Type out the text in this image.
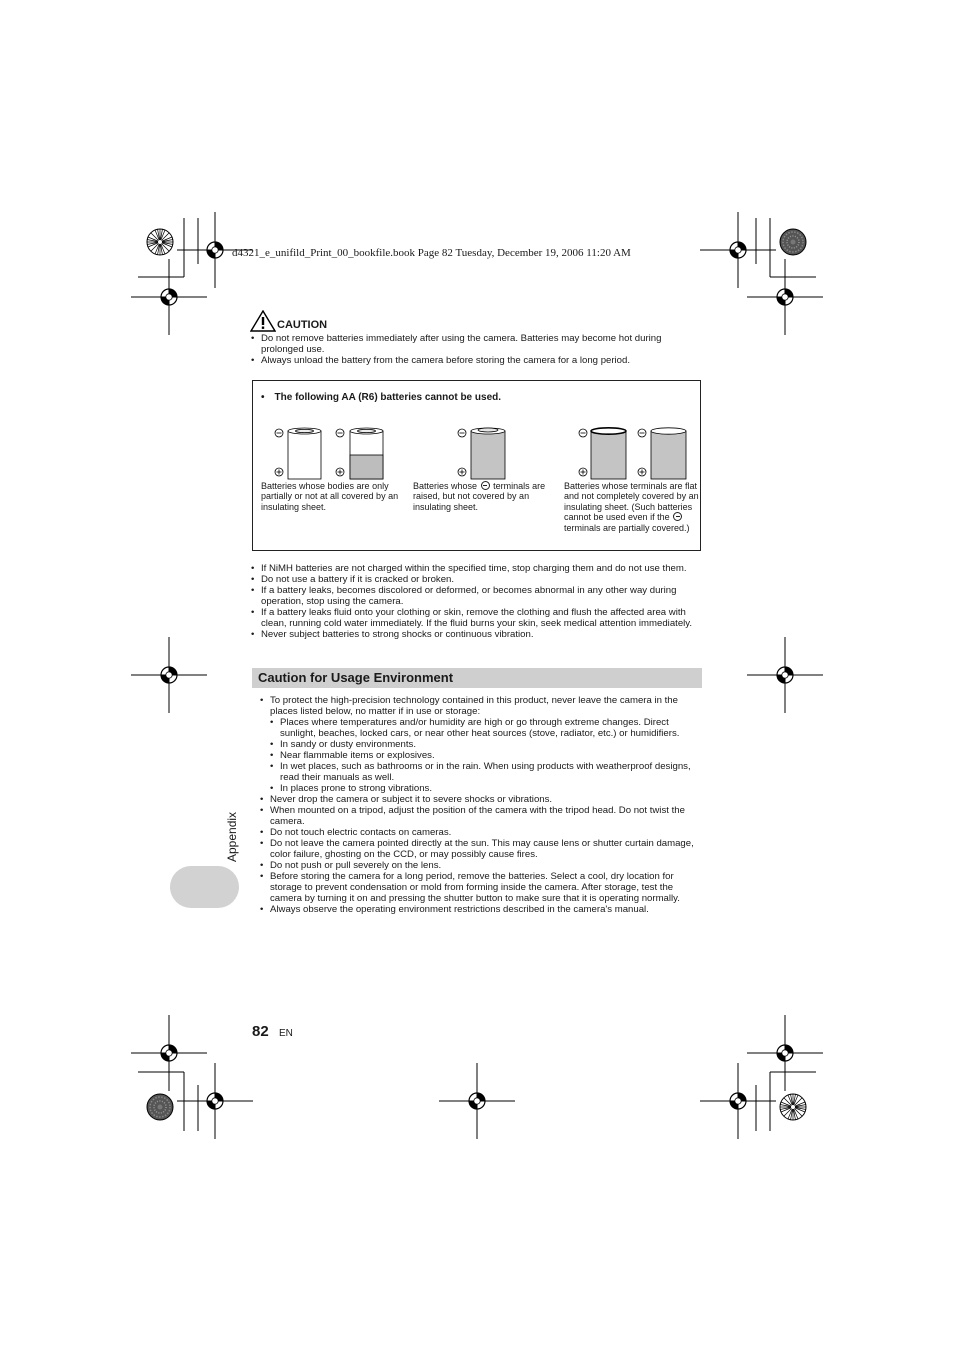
d4321_e_unifild_Print_00_bookfile.book Page 82 Tuesday, December 19, 2006 11:20 AM
CAUTION
• Do not remove batteries immediately after using the camera. Batteries may become hot during prolonged use.
• Always unload the battery from the camera before storing the camera for a long period.
• The following AA (R6) batteries cannot be used.
Batteries whose bodies are only partially or not at all covered by an insulating sheet.
Batteries whose terminals are raised, but not covered by an insulating sheet.
Batteries whose terminals are flat and not completely covered by an insulating sheet. (Such batteries cannot be used even if the  terminals are partially covered.)
• If NiMH batteries are not charged within the specified time, stop charging them and do not use them.
• Do not use a battery if it is cracked or broken.
• If a battery leaks, becomes discolored or deformed, or becomes abnormal in any other way during operation, stop using the camera.
• If a battery leaks fluid onto your clothing or skin, remove the clothing and flush the affected area with clean, running cold water immediately. If the fluid burns your skin, seek medical attention immediately.
• Never subject batteries to strong shocks or continuous vibration.
Caution for Usage Environment
• To protect the high-precision technology contained in this product, never leave the camera in the places listed below, no matter if in use or storage:
• Places where temperatures and/or humidity are high or go through extreme changes. Direct sunlight, beaches, locked cars, or near other heat sources (stove, radiator, etc.) or humidifiers.
• In sandy or dusty environments.
• Near flammable items or explosives.
• In wet places, such as bathrooms or in the rain. When using products with weatherproof designs, read their manuals as well.
• In places prone to strong vibrations.
• Never drop the camera or subject it to severe shocks or vibrations.
• When mounted on a tripod, adjust the position of the camera with the tripod head. Do not twist the camera.
• Do not touch electric contacts on cameras.
• Do not leave the camera pointed directly at the sun. This may cause lens or shutter curtain damage, color failure, ghosting on the CCD, or may possibly cause fires.
• Do not push or pull severely on the lens.
• Before storing the camera for a long period, remove the batteries. Select a cool, dry location for storage to prevent condensation or mold from forming inside the camera. After storage, test the camera by turning it on and pressing the shutter button to make sure that it is operating normally.
• Always observe the operating environment restrictions described in the camera's manual.
Appendix
82 EN
